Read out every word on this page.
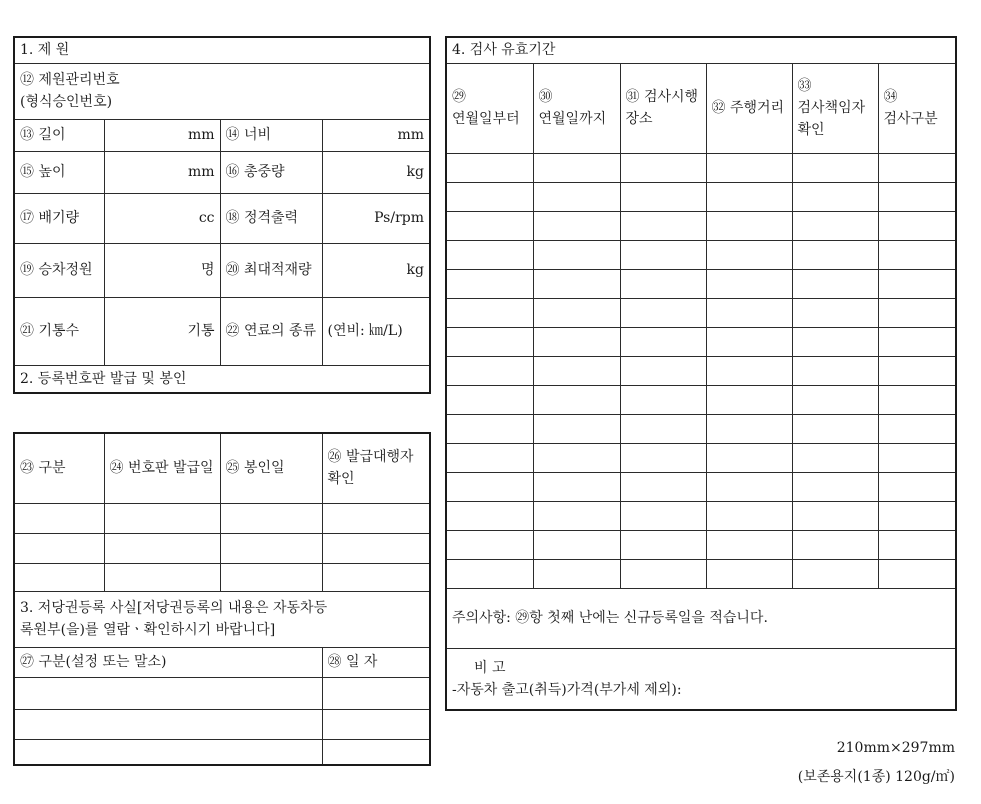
1. 제 원			

⑫ 제원관리번호
(형식승인번호)			

⑬ 길이	mm	⑭ 너비	mm
⑮ 높이	mm	⑯ 총중량	kg
⑰ 배기량	cc	⑱ 정격출력	Ps/rpm
⑲ 승차정원	명	⑳ 최대적재량	kg
㉑ 기통수	기통	㉒ 연료의 종류	(연비: ㎞/L)
2. 등록번호판 발급 및 봉인			
㉓ 구분	㉔ 번호판 발급일	㉕ 봉인일	㉖ 발급대행자 확인

3. 저당권등록 사실[저당권등록의 내용은 자동차등
록원부(을)를 열람ㆍ확인하시기 바랍니다]			

㉗ 구분(설정 또는 말소)			㉘ 일 자

4. 검사 유효기간					
㉙ 연월일부터	㉚ 연월일까지	㉛ 검사시행 장소	㉜ 주행거리	㉝ 검사책임자 확인	㉞ 검사구분

주의사항: ㉙항 첫째 난에는 신규등록일을 적습니다.					

비 고
-자동차 출고(취득)가격(부가세 제외):					
210mm×297mm
(보존용지(1종) 120g/㎡)
